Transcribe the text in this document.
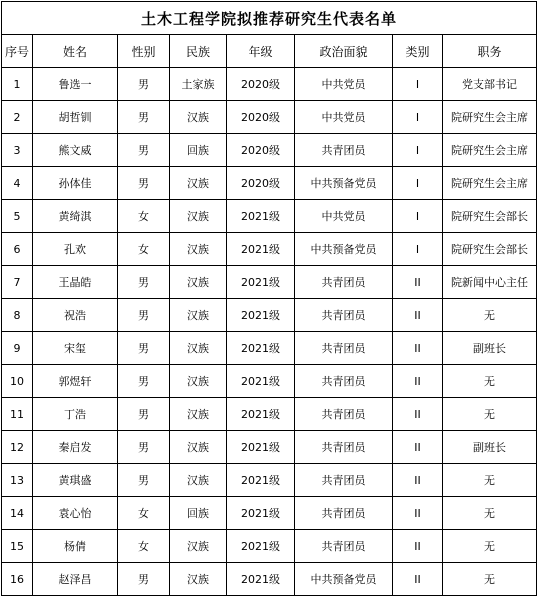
土木工程学院拟推荐研究生代表名单							
序号	姓名	性别	民族	年级	政治面貌	类别	职务
1	鲁选一	男	土家族	2020级	中共党员	I	党支部书记
2	胡哲钏	男	汉族	2020级	中共党员	I	院研究生会主席
3	熊文威	男	回族	2020级	共青团员	I	院研究生会主席
4	孙体佳	男	汉族	2020级	中共预备党员	I	院研究生会主席
5	黄绮淇	女	汉族	2021级	中共党员	I	院研究生会部长
6	孔欢	女	汉族	2021级	中共预备党员	I	院研究生会部长
7	王晶皓	男	汉族	2021级	共青团员	II	院新闻中心主任
8	祝浩	男	汉族	2021级	共青团员	II	无
9	宋玺	男	汉族	2021级	共青团员	II	副班长
10	郭煜轩	男	汉族	2021级	共青团员	II	无
11	丁浩	男	汉族	2021级	共青团员	II	无
12	秦启发	男	汉族	2021级	共青团员	II	副班长
13	黄琪盛	男	汉族	2021级	共青团员	II	无
14	袁心怡	女	回族	2021级	共青团员	II	无
15	杨倩	女	汉族	2021级	共青团员	II	无
16	赵泽昌	男	汉族	2021级	中共预备党员	II	无
